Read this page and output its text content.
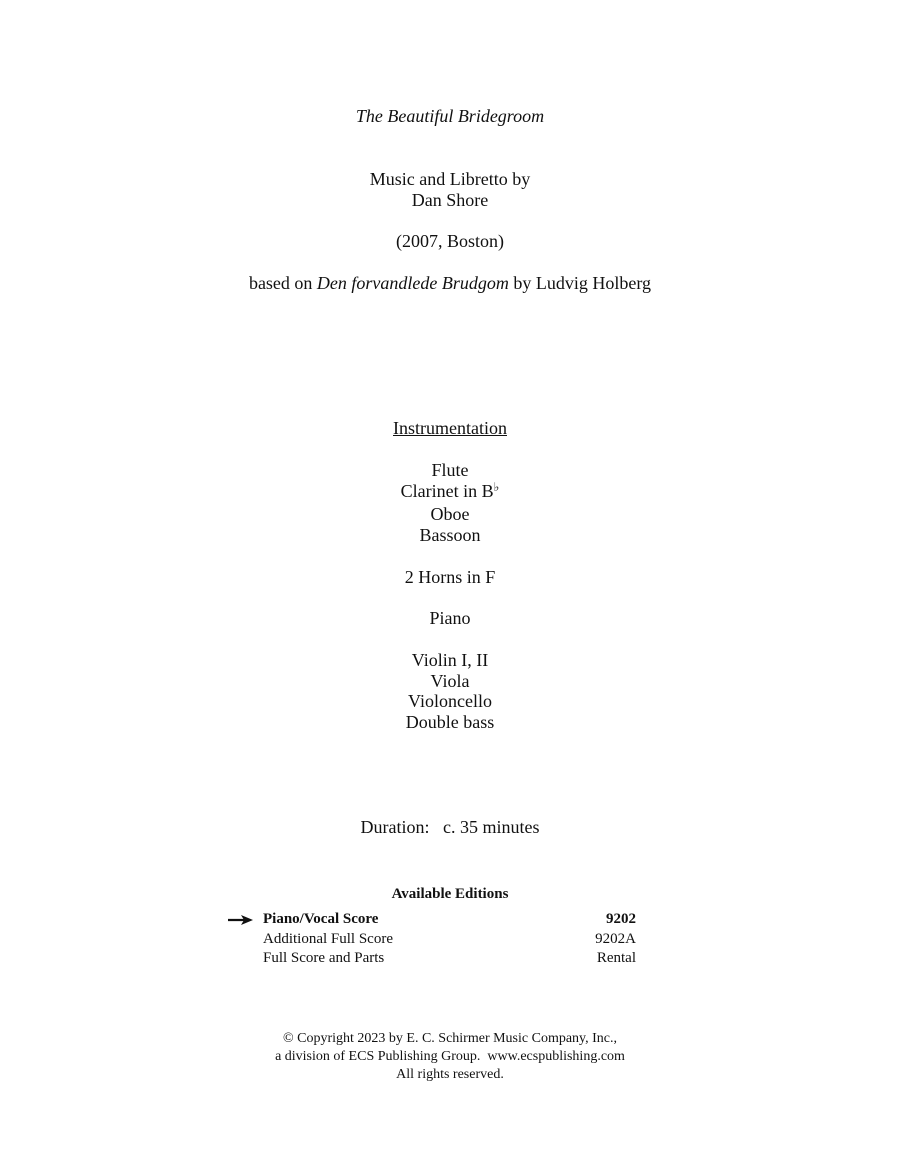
The Beautiful Bridegroom
Music and Libretto by
Dan Shore
(2007, Boston)
based on Den forvandlede Brudgom by Ludvig Holberg
Instrumentation
Flute
Clarinet in B♭
Oboe
Bassoon
2 Horns in F
Piano
Violin I, II
Viola
Violoncello
Double bass
Duration:   c. 35 minutes
Available Editions
Piano/Vocal Score	9202
Additional Full Score	9202A
Full Score and Parts	Rental
© Copyright 2023 by E. C. Schirmer Music Company, Inc.,
a division of ECS Publishing Group.  www.ecspublishing.com
All rights reserved.
